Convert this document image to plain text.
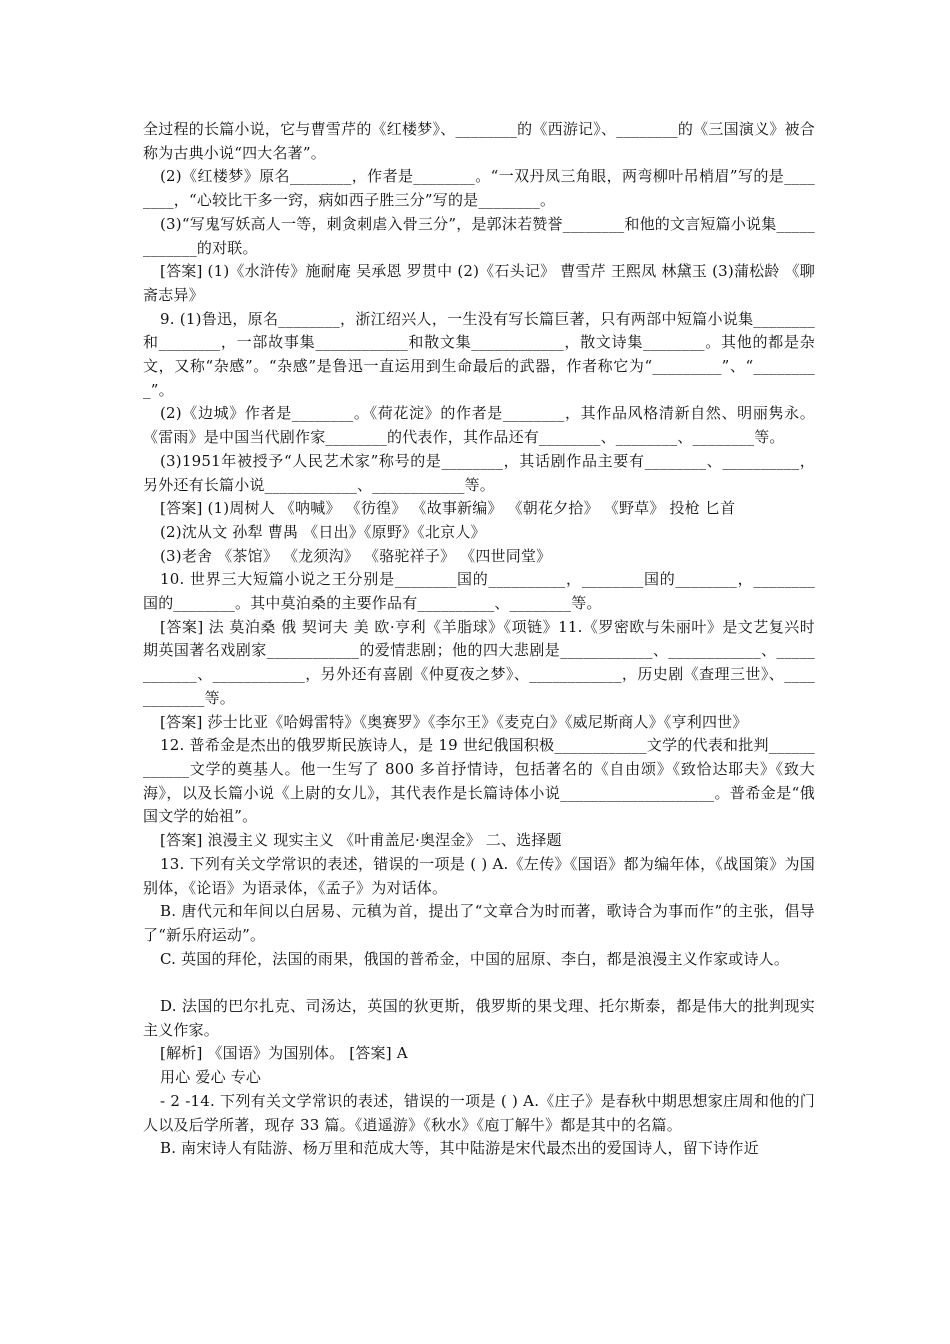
全过程的长篇小说，它与曹雪芹的《红楼梦》、________的《西游记》、________的《三国演义》被合称为古典小说“四大名著”。

(2)《红楼梦》原名________，作者是________。“一双丹凤三角眼，两弯柳叶吊梢眉”写的是________，“心较比干多一窍，病如西子胜三分”写的是________。

(3)“写鬼写妖高人一等，刺贪刺虐入骨三分”，是郭沫若赞誉________和他的文言短篇小说集____________的对联。

[答案] (1)《水浒传》施耐庵 吴承恩 罗贯中 (2)《石头记》 曹雪芹 王熙凤 林黛玉 (3)蒲松龄 《聊斋志异》

9. (1)鲁迅，原名________，浙江绍兴人，一生没有写长篇巨著，只有两部中短篇小说集________和________，一部故事集____________和散文集____________，散文诗集________。其他的都是杂文，又称“杂感”。“杂感”是鲁迅一直运用到生命最后的武器，作者称它为“_________”、“_________”。

(2)《边城》作者是________。《荷花淀》的作者是________，其作品风格清新自然、明丽隽永。《雷雨》是中国当代剧作家________的代表作，其作品还有________、________、________等。

(3)1951年被授予“人民艺术家”称号的是________，其话剧作品主要有________、__________， 另外还有长篇小说____________、____________等。

[答案] (1)周树人 《呐喊》 《彷徨》 《故事新编》 《朝花夕拾》 《野草》 投枪 匕首

(2)沈从文 孙犁 曹禺 《日出》《原野》《北京人》

(3)老舍 《茶馆》 《龙须沟》 《骆驼祥子》 《四世同堂》

10. 世界三大短篇小说之王分别是________国的__________，________国的________，________国的________。其中莫泊桑的主要作品有__________、________等。

[答案] 法 莫泊桑 俄 契诃夫 美 欧·亨利《羊脂球》《项链》11.《罗密欧与朱丽叶》是文艺复兴时期英国著名戏剧家____________的爱情悲剧；他的四大悲剧是____________、____________、____________、____________，另外还有喜剧《仲夏夜之梦》、____________，历史剧《查理三世》、____________等。

[答案] 莎士比亚《哈姆雷特》《奥赛罗》《李尔王》《麦克白》《威尼斯商人》《亨利四世》

12. 普希金是杰出的俄罗斯民族诗人，是 19 世纪俄国积极____________文学的代表和批判____________文学的奠基人。他一生写了 800 多首抒情诗，包括著名的《自由颂》《致恰达耶夫》《致大海》，以及长篇小说《上尉的女儿》，其代表作是长篇诗体小说____________________。普希金是“俄国文学的始祖”。

[答案] 浪漫主义 现实主义 《叶甫盖尼·奥涅金》 二、选择题

13. 下列有关文学常识的表述，错误的一项是 ( ) A.《左传》《国语》都为编年体，《战国策》为国别体，《论语》为语录体，《孟子》为对话体。

B. 唐代元和年间以白居易、元稹为首，提出了“文章合为时而著，歌诗合为事而作”的主张，倡导了“新乐府运动”。

C. 英国的拜伦，法国的雨果，俄国的普希金，中国的屈原、李白，都是浪漫主义作家或诗人。

D. 法国的巴尔扎克、司汤达，英国的狄更斯，俄罗斯的果戈理、托尔斯泰，都是伟大的批判现实主义作家。

[解析] 《国语》为国别体。 [答案] A

用心 爱心 专心

- 2 -14. 下列有关文学常识的表述，错误的一项是 ( ) A.《庄子》是春秋中期思想家庄周和他的门人以及后学所著，现存 33 篇。《逍遥游》《秋水》《庖丁解牛》都是其中的名篇。

B. 南宋诗人有陆游、杨万里和范成大等，其中陆游是宋代最杰出的爱国诗人，留下诗作近
